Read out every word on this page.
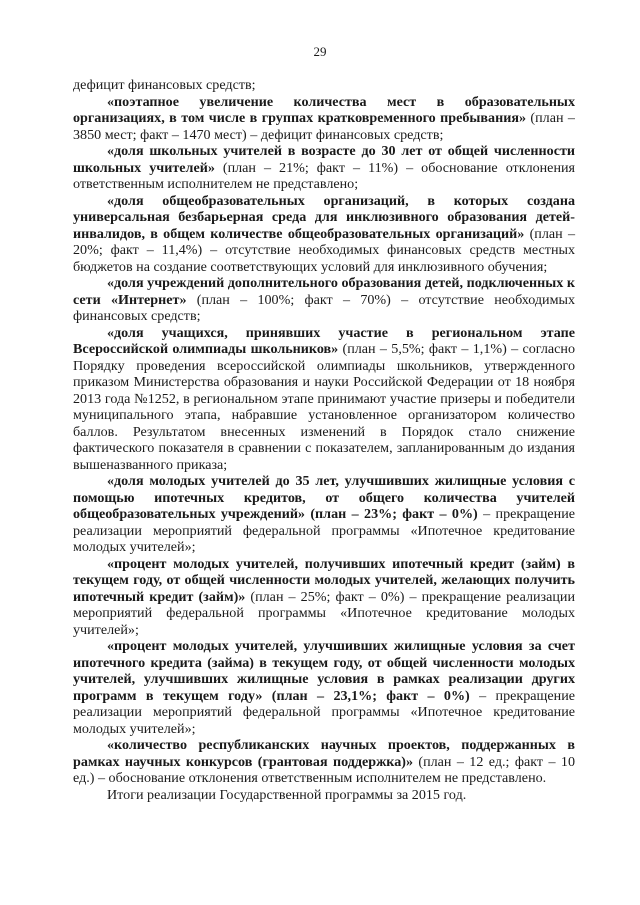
29

дефицит финансовых средств;

«поэтапное увеличение количества мест в образовательных организациях, в том числе в группах кратковременного пребывания» (план – 3850 мест; факт – 1470 мест) – дефицит финансовых средств;

«доля школьных учителей в возрасте до 30 лет от общей численности школьных учителей» (план – 21%; факт – 11%) – обоснование отклонения ответственным исполнителем не представлено;

«доля общеобразовательных организаций, в которых создана универсальная безбарьерная среда для инклюзивного образования детей-инвалидов, в общем количестве общеобразовательных организаций» (план – 20%; факт – 11,4%) – отсутствие необходимых финансовых средств местных бюджетов на создание соответствующих условий для инклюзивного обучения;

«доля учреждений дополнительного образования детей, подключенных к сети «Интернет» (план – 100%; факт – 70%) – отсутствие необходимых финансовых средств;

«доля учащихся, принявших участие в региональном этапе Всероссийской олимпиады школьников» (план – 5,5%; факт – 1,1%) – согласно Порядку проведения всероссийской олимпиады школьников, утвержденного приказом Министерства образования и науки Российской Федерации от 18 ноября 2013 года №1252, в региональном этапе принимают участие призеры и победители муниципального этапа, набравшие установленное организатором количество баллов. Результатом внесенных изменений в Порядок стало снижение фактического показателя в сравнении с показателем, запланированным до издания вышеназванного приказа;

«доля молодых учителей до 35 лет, улучшивших жилищные условия с помощью ипотечных кредитов, от общего количества учителей общеобразовательных учреждений» (план – 23%; факт – 0%) – прекращение реализации мероприятий федеральной программы «Ипотечное кредитование молодых учителей»;

«процент молодых учителей, получивших ипотечный кредит (займ) в текущем году, от общей численности молодых учителей, желающих получить ипотечный кредит (займ)» (план – 25%; факт – 0%) – прекращение реализации мероприятий федеральной программы «Ипотечное кредитование молодых учителей»;

«процент молодых учителей, улучшивших жилищные условия за счет ипотечного кредита (займа) в текущем году, от общей численности молодых учителей, улучшивших жилищные условия в рамках реализации других программ в текущем году» (план – 23,1%; факт – 0%) – прекращение реализации мероприятий федеральной программы «Ипотечное кредитование молодых учителей»;

«количество республиканских научных проектов, поддержанных в рамках научных конкурсов (грантовая поддержка)» (план – 12 ед.; факт – 10 ед.) – обоснование отклонения ответственным исполнителем не представлено.

Итоги реализации Государственной программы за 2015 год.
